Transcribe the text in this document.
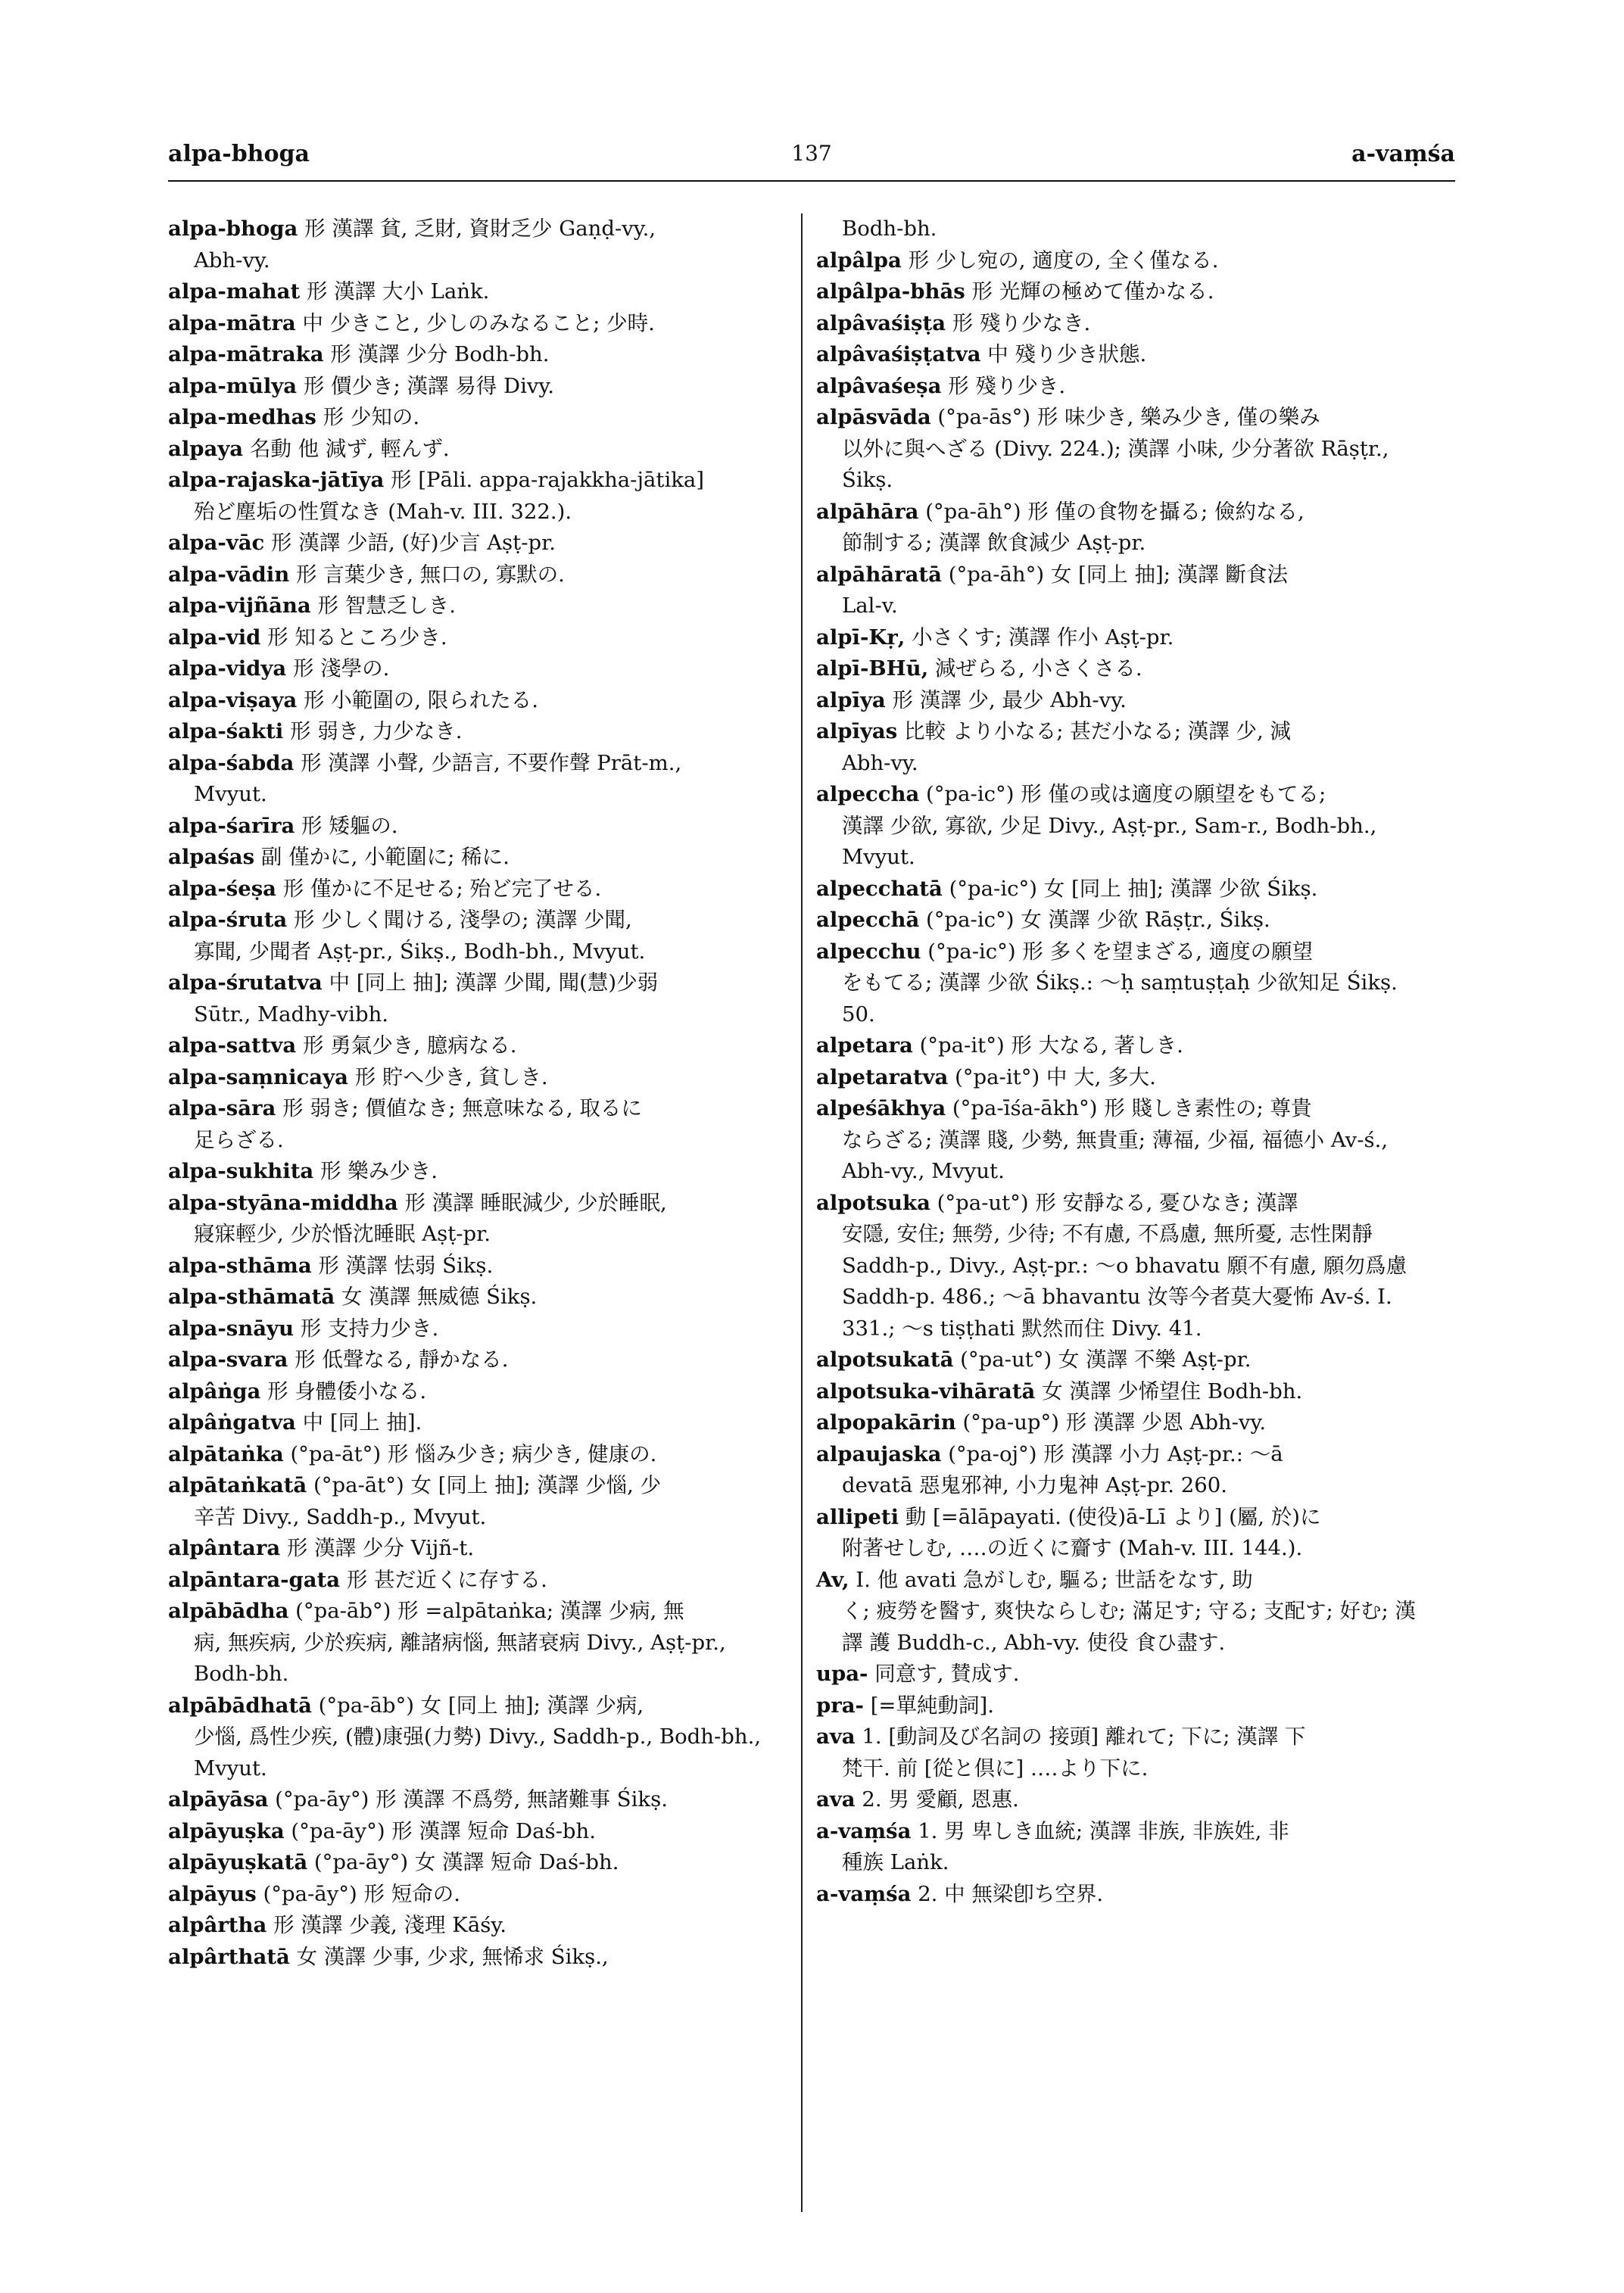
alpa-bhoga	137	a-vaṃśa
alpa-bhoga 形 漢譯 貧, 乏財, 資財乏少 Gaṇḍ-vy.,
Abh-vy.
alpa-mahat 形 漢譯 大小 Laṅk.
alpa-mātra 中 少きこと, 少しのみなること; 少時.
alpa-mātraka 形 漢譯 少分 Bodh-bh.
alpa-mūlya 形 價少き; 漢譯 易得 Divy.
alpa-medhas 形 少知の.
alpaya 名動 他 減ず, 輕んず.
alpa-rajaska-jātīya 形 [Pāli. appa-rajakkha-jātika]
殆ど塵垢の性質なき (Mah-v. III. 322.).
alpa-vāc 形 漢譯 少語, (好)少言 Aṣṭ-pr.
alpa-vādin 形 言葉少き, 無口の, 寡默の.
alpa-vijñāna 形 智慧乏しき.
alpa-vid 形 知るところ少き.
alpa-vidya 形 淺學の.
alpa-viṣaya 形 小範圍の, 限られたる.
alpa-śakti 形 弱き, 力少なき.
alpa-śabda 形 漢譯 小聲, 少語言, 不要作聲 Prāt-m.,
Mvyut.
alpa-śarīra 形 矮軀の.
alpaśas 副 僅かに, 小範圍に; 稀に.
alpa-śeṣa 形 僅かに不足せる; 殆ど完了せる.
alpa-śruta 形 少しく聞ける, 淺學の; 漢譯 少聞,
寡聞, 少聞者 Aṣṭ-pr., Śikṣ., Bodh-bh., Mvyut.
alpa-śrutatva 中 [同上 抽]; 漢譯 少聞, 聞(慧)少弱
Sūtr., Madhy-vibh.
alpa-sattva 形 勇氣少き, 臆病なる.
alpa-saṃnicaya 形 貯へ少き, 貧しき.
alpa-sāra 形 弱き; 價値なき; 無意味なる, 取るに
足らざる.
alpa-sukhita 形 樂み少き.
alpa-styāna-middha 形 漢譯 睡眠減少, 少於睡眠,
寢寐輕少, 少於惛沈睡眠 Aṣṭ-pr.
alpa-sthāma 形 漢譯 怯弱 Śikṣ.
alpa-sthāmatā 女 漢譯 無威德 Śikṣ.
alpa-snāyu 形 支持力少き.
alpa-svara 形 低聲なる, 靜かなる.
alpâṅga 形 身體倭小なる.
alpâṅgatva 中 [同上 抽].
alpātaṅka (°pa-āt°) 形 惱み少き; 病少き, 健康の.
alpātaṅkatā (°pa-āt°) 女 [同上 抽]; 漢譯 少惱, 少
辛苦 Divy., Saddh-p., Mvyut.
alpântara 形 漢譯 少分 Vijñ-t.
alpāntara-gata 形 甚だ近くに存する.
alpābādha (°pa-āb°) 形 =alpātaṅka; 漢譯 少病, 無
病, 無疾病, 少於疾病, 離諸病惱, 無諸衰病 Divy., Aṣṭ-pr., Bodh-bh.
alpābādhatā (°pa-āb°) 女 [同上 抽]; 漢譯 少病,
少惱, 爲性少疾, (體)康强(力勢) Divy., Saddh-p., Bodh-bh., Mvyut.
alpāyāsa (°pa-āy°) 形 漢譯 不爲勞, 無諸難事 Śikṣ.
alpāyuṣka (°pa-āy°) 形 漢譯 短命 Daś-bh.
alpāyuṣkatā (°pa-āy°) 女 漢譯 短命 Daś-bh.
alpāyus (°pa-āy°) 形 短命の.
alpârtha 形 漢譯 少義, 淺理 Kāśy.
alpârthatā 女 漢譯 少事, 少求, 無悕求 Śikṣ.,
Bodh-bh.
alpâlpa 形 少し宛の, 適度の, 全く僅なる.
alpâlpa-bhās 形 光輝の極めて僅かなる.
alpâvaśiṣṭa 形 殘り少なき.
alpâvaśiṣṭatva 中 殘り少き狀態.
alpâvaśeṣa 形 殘り少き.
alpāsvāda (°pa-ās°) 形 味少き, 樂み少き, 僅の樂み
以外に與へざる (Divy. 224.); 漢譯 小味, 少分著欲 Rāṣṭr., Śikṣ.
alpāhāra (°pa-āh°) 形 僅の食物を攝る; 儉約なる,
節制する; 漢譯 飲食減少 Aṣṭ-pr.
alpāhāratā (°pa-āh°) 女 [同上 抽]; 漢譯 斷食法
Lal-v.
alpī-Kṛ, 小さくす; 漢譯 作小 Aṣṭ-pr.
alpī-BHū, 減ぜらる, 小さくさる.
alpīya 形 漢譯 少, 最少 Abh-vy.
alpīyas 比較 より小なる; 甚だ小なる; 漢譯 少, 減
Abh-vy.
alpeccha (°pa-ic°) 形 僅の或は適度の願望をもてる;
漢譯 少欲, 寡欲, 少足 Divy., Aṣṭ-pr., Sam-r., Bodh-bh., Mvyut.
alpecchatā (°pa-ic°) 女 [同上 抽]; 漢譯 少欲 Śikṣ.
alpecchā (°pa-ic°) 女 漢譯 少欲 Rāṣṭr., Śikṣ.
alpecchu (°pa-ic°) 形 多くを望まざる, 適度の願望
をもてる; 漢譯 少欲 Śikṣ.: ～ḥ saṃtuṣṭaḥ 少欲知足 Śikṣ. 50.
alpetara (°pa-it°) 形 大なる, 著しき.
alpetaratva (°pa-it°) 中 大, 多大.
alpeśākhya (°pa-īśa-ākh°) 形 賤しき素性の; 尊貴
ならざる; 漢譯 賤, 少勢, 無貴重; 薄福, 少福, 福德小 Av-ś., Abh-vy., Mvyut.
alpotsuka (°pa-ut°) 形 安靜なる, 憂ひなき; 漢譯
安隱, 安住; 無勞, 少待; 不有慮, 不爲慮, 無所憂, 志性閑靜 Saddh-p., Divy., Aṣṭ-pr.: ～o bhavatu 願不有慮, 願勿爲慮 Saddh-p. 486.; ～ā bhavantu 汝等今者莫大憂怖 Av-ś. I. 331.; ～s tiṣṭhati 默然而住 Divy. 41.
alpotsukatā (°pa-ut°) 女 漢譯 不樂 Aṣṭ-pr.
alpotsuka-vihāratā 女 漢譯 少悕望住 Bodh-bh.
alpopakārin (°pa-up°) 形 漢譯 少恩 Abh-vy.
alpaujaska (°pa-oj°) 形 漢譯 小力 Aṣṭ-pr.: ～ā
devatā 惡鬼邪神, 小力鬼神 Aṣṭ-pr. 260.
allipeti 動 [=ālāpayati. (使役)ā-Lī より] (屬, 於)に
附著せしむ, ‥‥の近くに齎す (Mah-v. III. 144.).
Av, I. 他 avati 急がしむ, 驅る; 世話をなす, 助
く; 疲勞を醫す, 爽快ならしむ; 滿足す; 守る; 支配す; 好む; 漢譯 護 Buddh-c., Abh-vy. 使役 食ひ盡す.
upa- 同意す, 賛成す.
pra- [=單純動詞].
ava 1. [動詞及び名詞の 接頭] 離れて; 下に; 漢譯 下
梵干. 前 [從と倶に] ‥‥より下に.
ava 2. 男 愛顧, 恩惠.
a-vaṃśa 1. 男 卑しき血統; 漢譯 非族, 非族姓, 非
種族 Laṅk.
a-vaṃśa 2. 中 無梁卽ち空界.
